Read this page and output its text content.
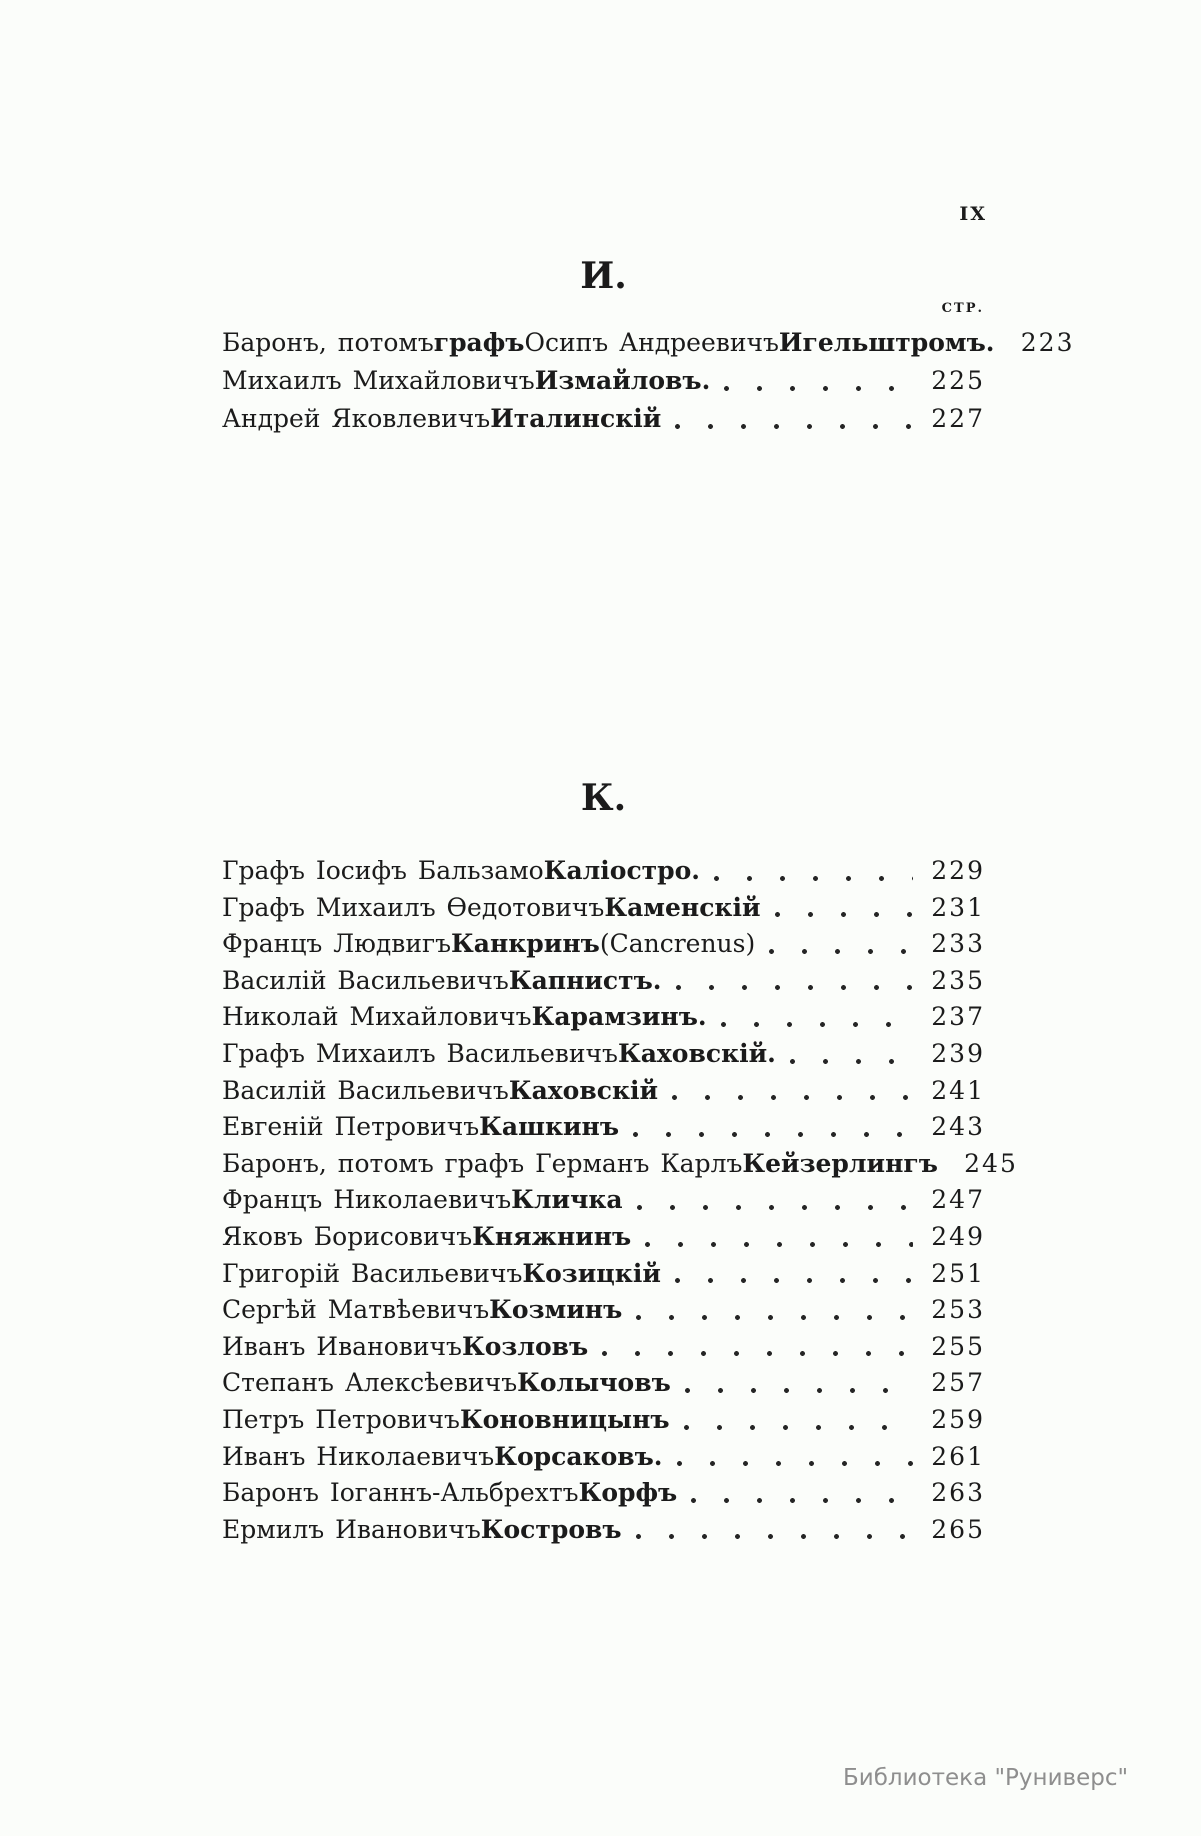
IX
И.
СТР.
Баронъ, потомъ графъ Осипъ Андреевичъ Игельштромъ.	223
Михаилъ Михайловичъ Измайловъ.	225
Андрей Яковлевичъ Италинскій	227
К.
Графъ Іосифъ Бальзамо Каліостро.	229
Графъ Михаилъ Ѳедотовичъ Каменскій	231
Францъ Людвигъ Канкринъ (Cancrenus)	233
Василій Васильевичъ Капнистъ.	235
Николай Михайловичъ Карамзинъ.	237
Графъ Михаилъ Васильевичъ Каховскій.	239
Василій Васильевичъ Каховскій	241
Евгеній Петровичъ Кашкинъ	243
Баронъ, потомъ графъ Германъ Карлъ Кейзерлингъ	245
Францъ Николаевичъ Кличка	247
Яковъ Борисовичъ Княжнинъ	249
Григорій Васильевичъ Козицкій	251
Сергѣй Матвѣевичъ Козминъ	253
Иванъ Ивановичъ Козловъ	255
Степанъ Алексѣевичъ Колычовъ	257
Петръ Петровичъ Коновницынъ	259
Иванъ Николаевичъ Корсаковъ.	261
Баронъ Іоганнъ-Альбрехтъ Корфъ	263
Ермилъ Ивановичъ Костровъ	265
Библиотека "Руниверс"
